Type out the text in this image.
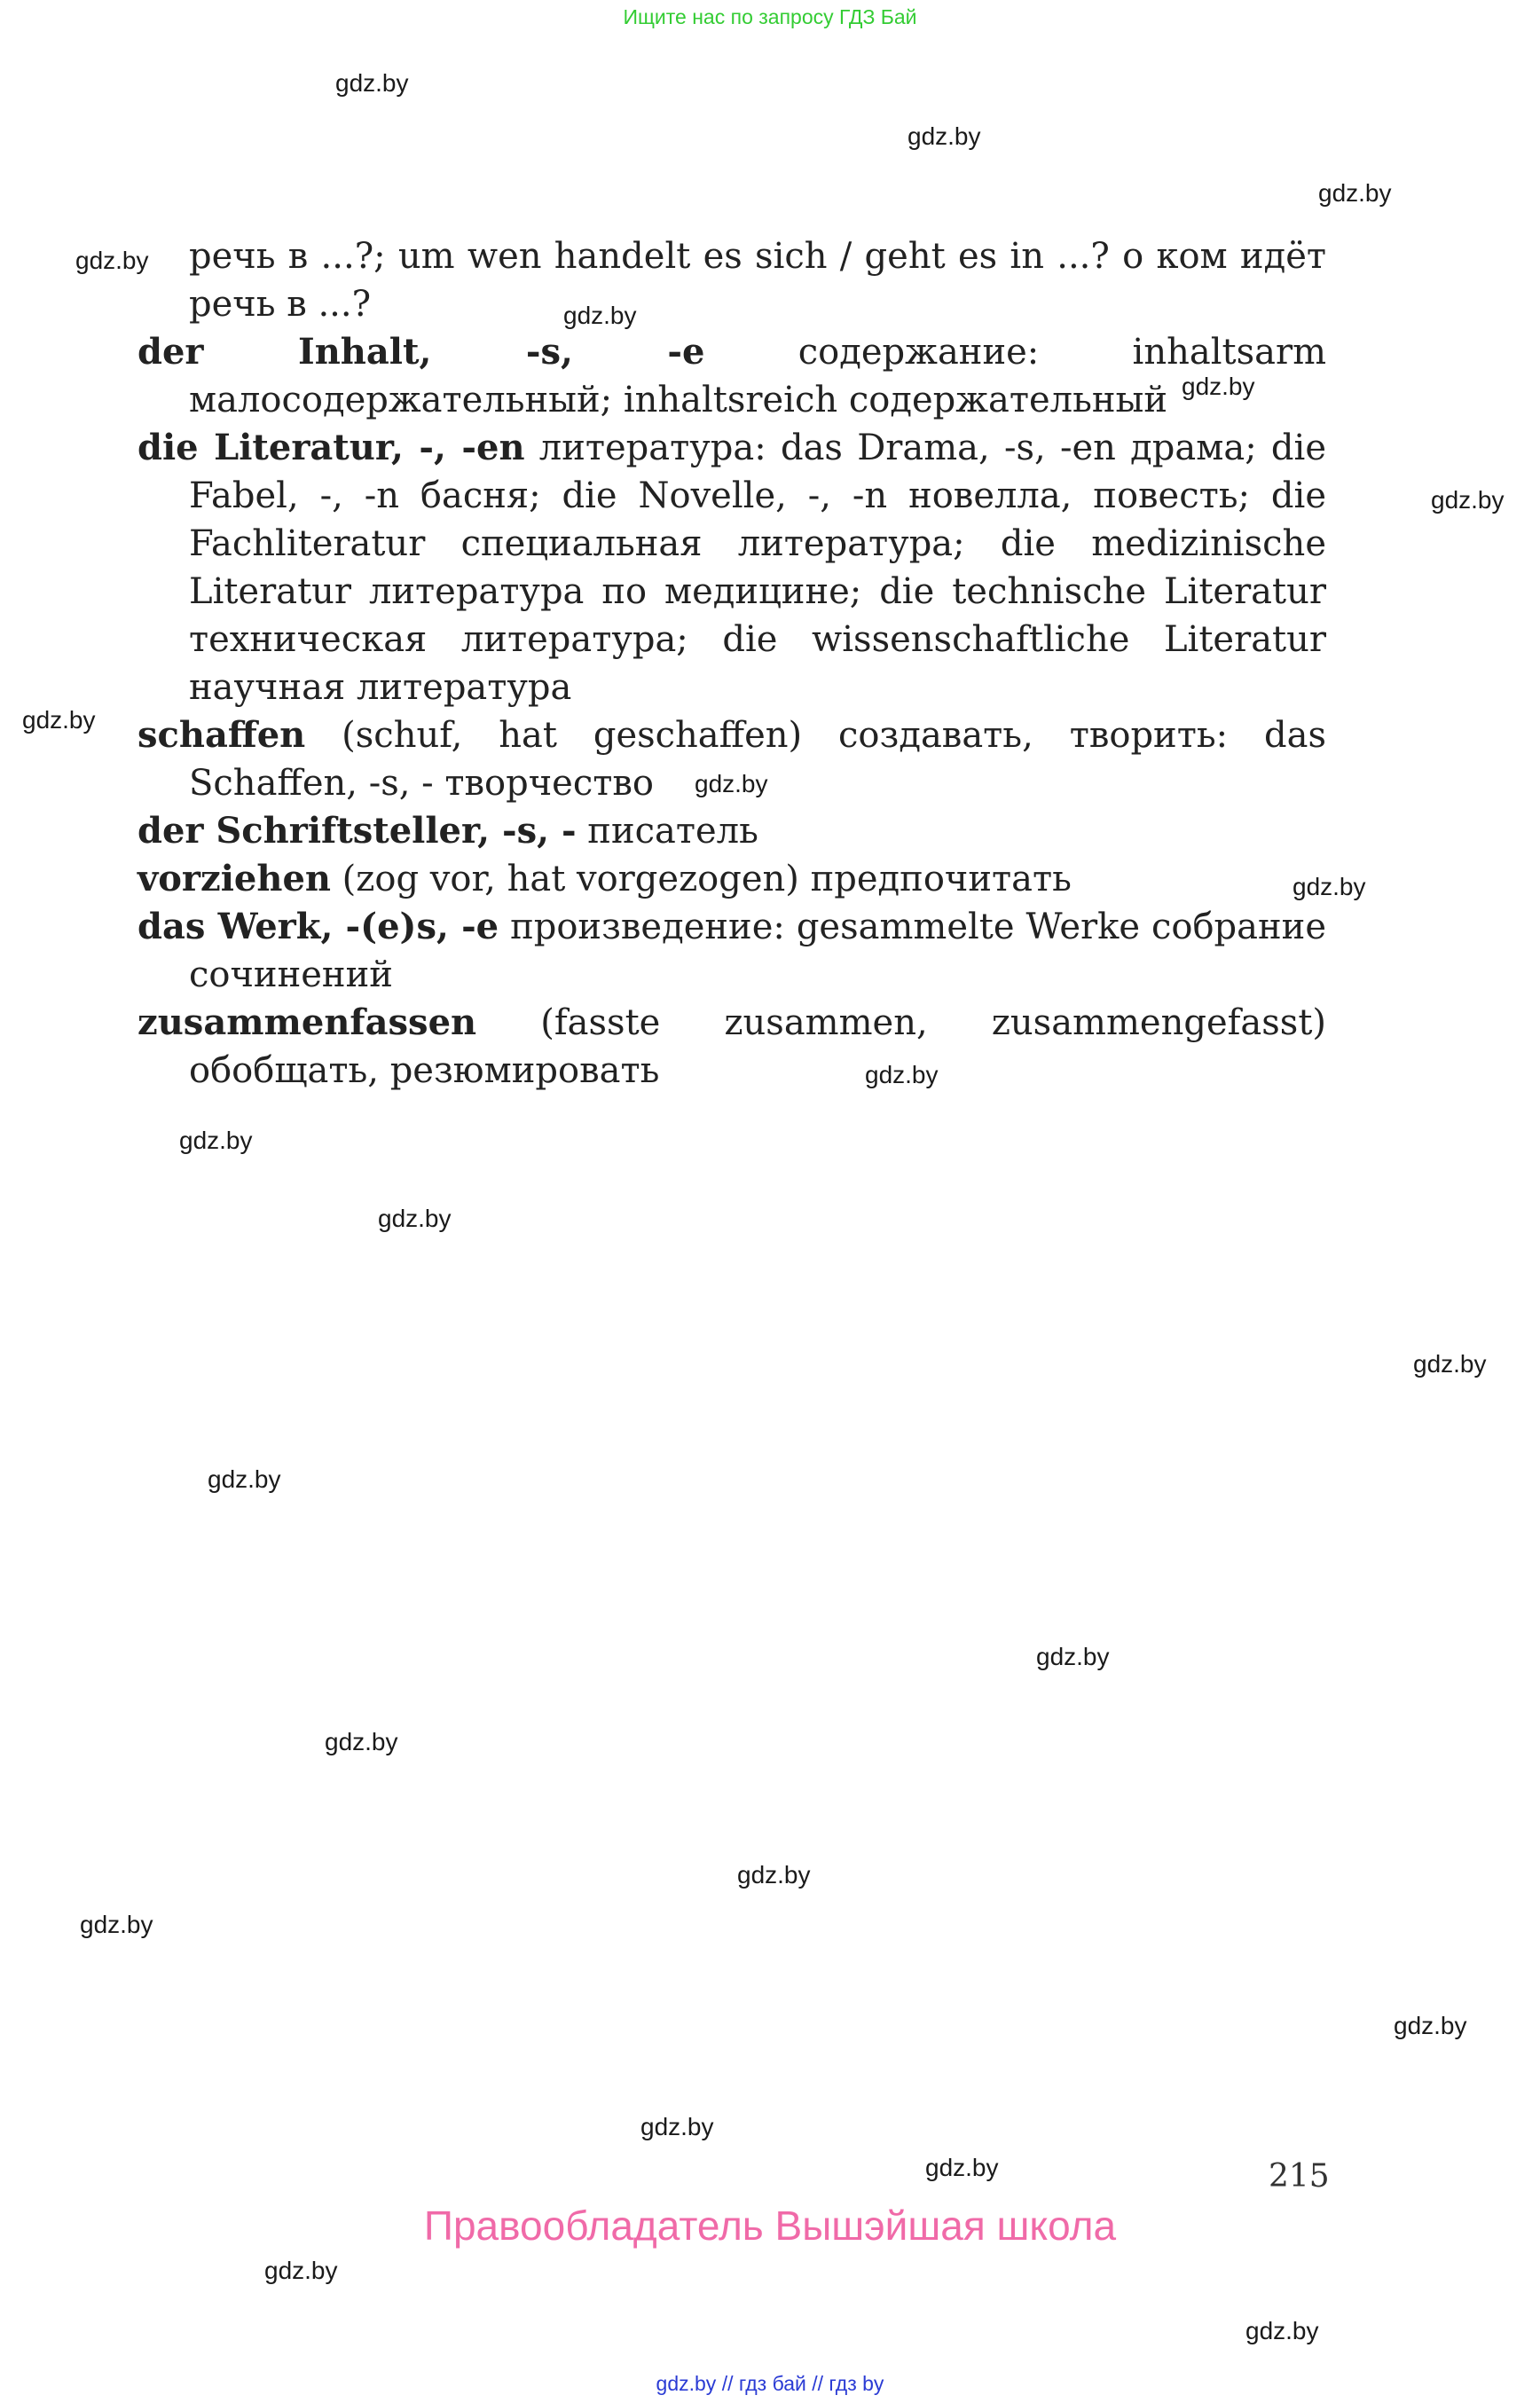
Ищите нас по запросу ГДЗ Бай
речь в ...?; um wen handelt es sich / geht es in ...? о ком идёт речь в ...?
der Inhalt, -s, -e содержание: inhaltsarm малосодержательный; inhaltsreich содержательный
die Literatur, -, -en литература: das Drama, -s, -en драма; die Fabel, -, -n басня; die Novelle, -, -n новелла, повесть; die Fachliteratur специальная литература; die medizinische Literatur литература по медицине; die technische Literatur техническая литература; die wissenschaftliche Literatur научная литература
schaffen (schuf, hat geschaffen) создавать, творить: das Schaffen, -s, - творчество
der Schriftsteller, -s, - писатель
vorziehen (zog vor, hat vorgezogen) предпочитать
das Werk, -(e)s, -e произведение: gesammelte Werke собрание сочинений
zusammenfassen (fasste zusammen, zusammengefasst) обобщать, резюмировать
215
Правообладатель Вышэйшая школа
gdz.by // гдз бай // гдз by
gdz.by
gdz.by
gdz.by
gdz.by
gdz.by
gdz.by
gdz.by
gdz.by
gdz.by
gdz.by
gdz.by
gdz.by
gdz.by
gdz.by
gdz.by
gdz.by
gdz.by
gdz.by
gdz.by
gdz.by
gdz.by
gdz.by
gdz.by
gdz.by
